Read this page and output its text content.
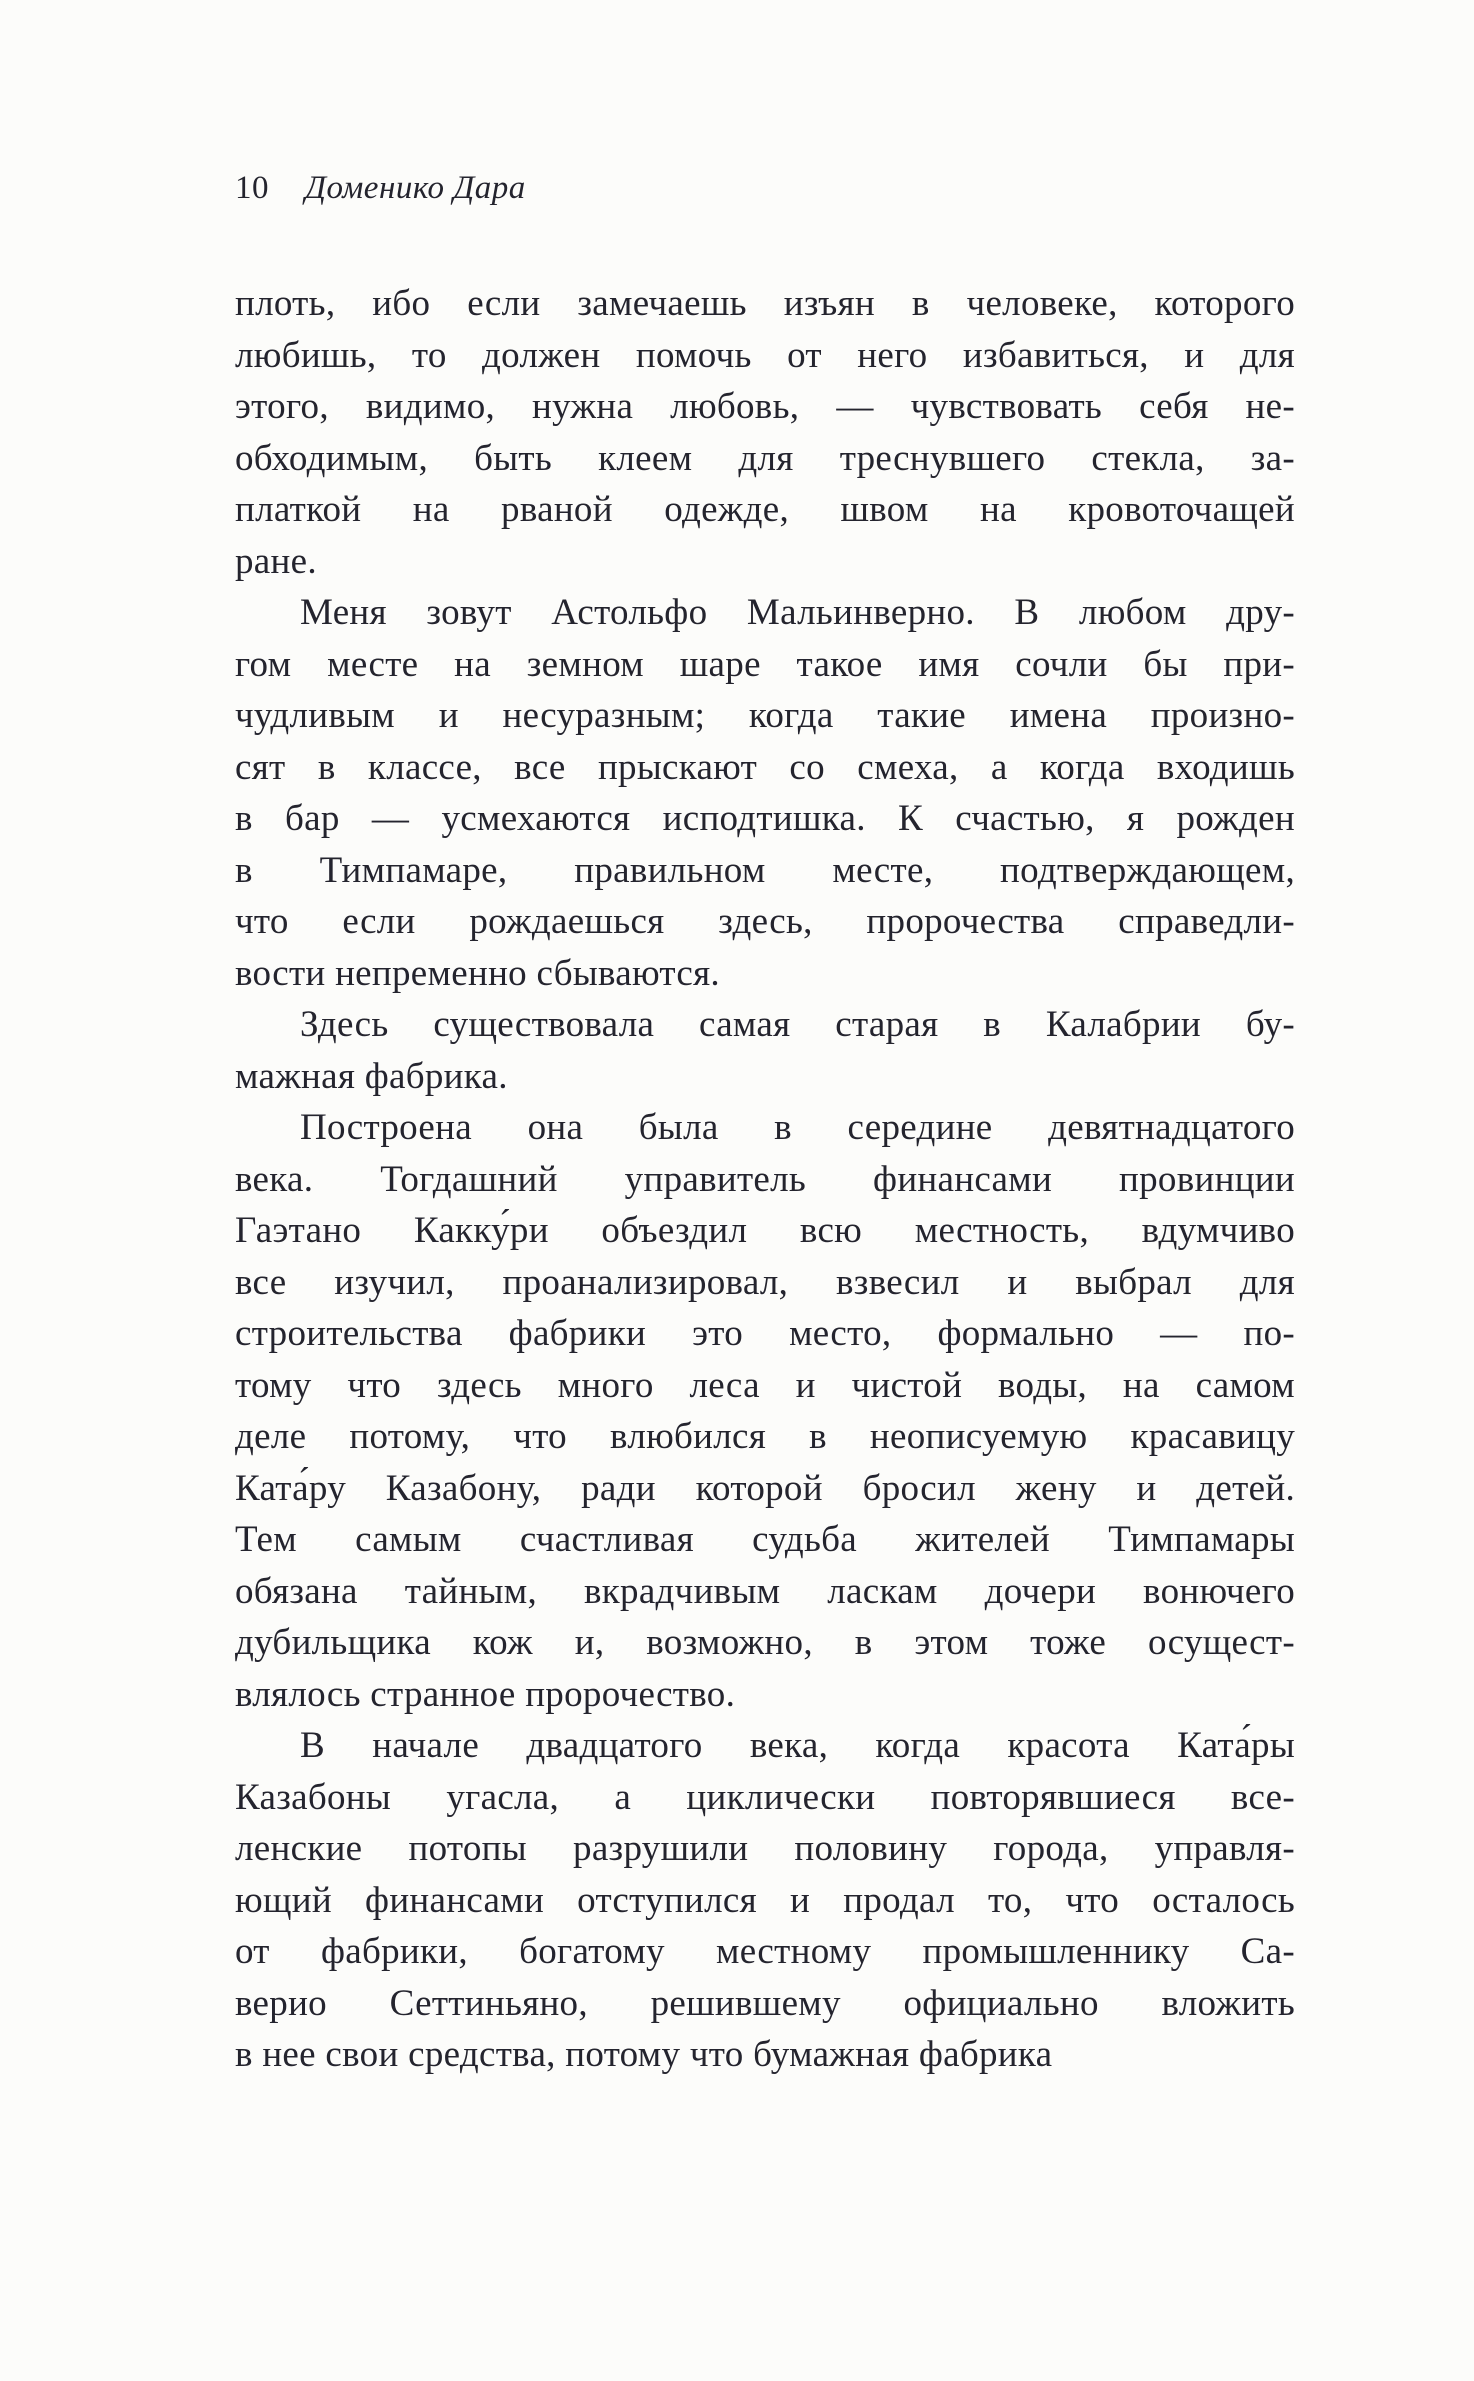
10 Доменико Дара
плоть, ибо если замечаешь изъян в человеке, которого
любишь, то должен помочь от него избавиться, и для
этого, видимо, нужна любовь, — чувствовать себя не-
обходимым, быть клеем для треснувшего стекла, за-
платкой на рваной одежде, швом на кровоточащей
ране.
Меня зовут Астольфо Мальинверно. В любом дру-
гом месте на земном шаре такое имя сочли бы при-
чудливым и несуразным; когда такие имена произно-
сят в классе, все прыскают со смеха, а когда входишь
в бар — усмехаются исподтишка. К счастью, я рожден
в Тимпамаре, правильном месте, подтверждающем,
что если рождаешься здесь, пророчества справедли-
вости непременно сбываются.
Здесь существовала самая старая в Калабрии бу-
мажная фабрика.
Построена она была в середине девятнадцатого
века. Тогдашний управитель финансами провинции
Гаэтано Какку́ри объездил всю местность, вдумчиво
все изучил, проанализировал, взвесил и выбрал для
строительства фабрики это место, формально — по-
тому что здесь много леса и чистой воды, на самом
деле потому, что влюбился в неописуемую красавицу
Ката́ру Казабону, ради которой бросил жену и детей.
Тем самым счастливая судьба жителей Тимпамары
обязана тайным, вкрадчивым ласкам дочери вонючего
дубильщика кож и, возможно, в этом тоже осущест-
влялось странное пророчество.
В начале двадцатого века, когда красота Ката́ры
Казабоны угасла, а циклически повторявшиеся все-
ленские потопы разрушили половину города, управля-
ющий финансами отступился и продал то, что осталось
от фабрики, богатому местному промышленнику Са-
верио Сеттиньяно, решившему официально вложить
в нее свои средства, потому что бумажная фабрика
